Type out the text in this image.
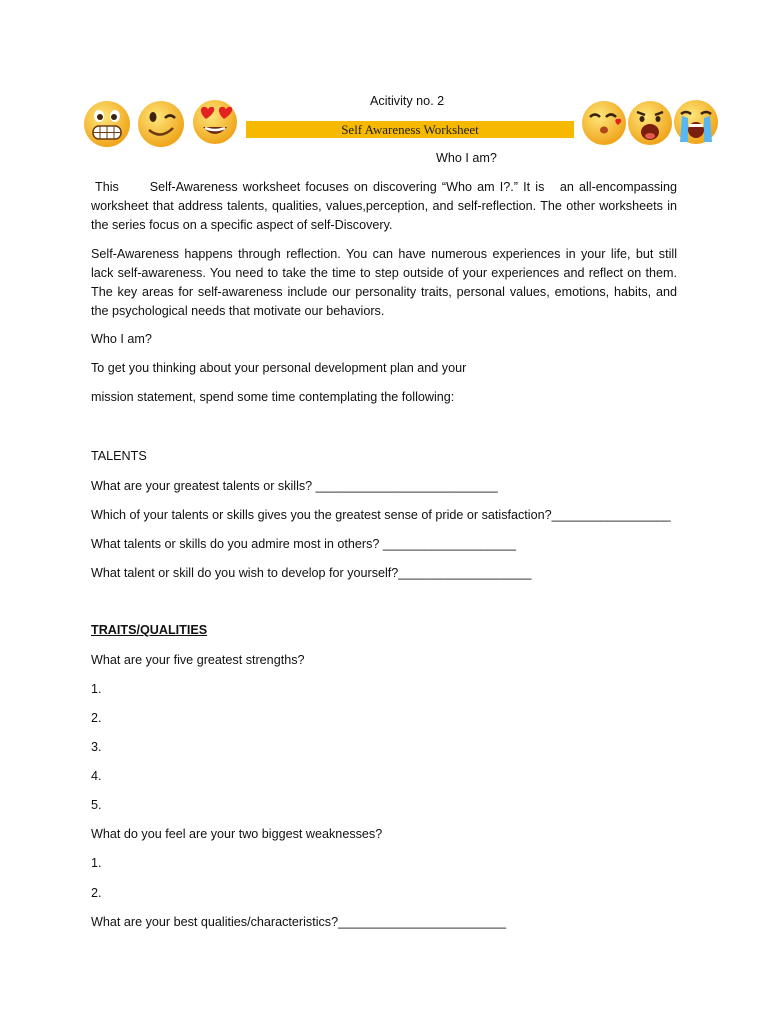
Acitivity no. 2
Self Awareness Worksheet
Who I am?
This      Self-Awareness worksheet focuses on discovering “Who am I?.” It is   an all-encompassing worksheet that address talents, qualities, values,perception, and self-reflection. The other worksheets in the series focus on a specific aspect of self-Discovery.
Self-Awareness happens through reflection. You can have numerous experiences in your life, but still lack self-awareness. You need to take the time to step outside of your experiences and reflect on them. The key areas for self-awareness include our personality traits, personal values, emotions, habits, and the psychological needs that motivate our behaviors.
Who I am?
To get you thinking about your personal development plan and your
mission statement, spend some time contemplating the following:
TALENTS
What are your greatest talents or skills? __________________________
Which of your talents or skills gives you the greatest sense of pride or satisfaction?_________________
What talents or skills do you admire most in others? ___________________
What talent or skill do you wish to develop for yourself?___________________
TRAITS/QUALITIES
What are your five greatest strengths?
1.
2.
3.
4.
5.
What do you feel are your two biggest weaknesses?
1.
2.
What are your best qualities/characteristics?________________________
